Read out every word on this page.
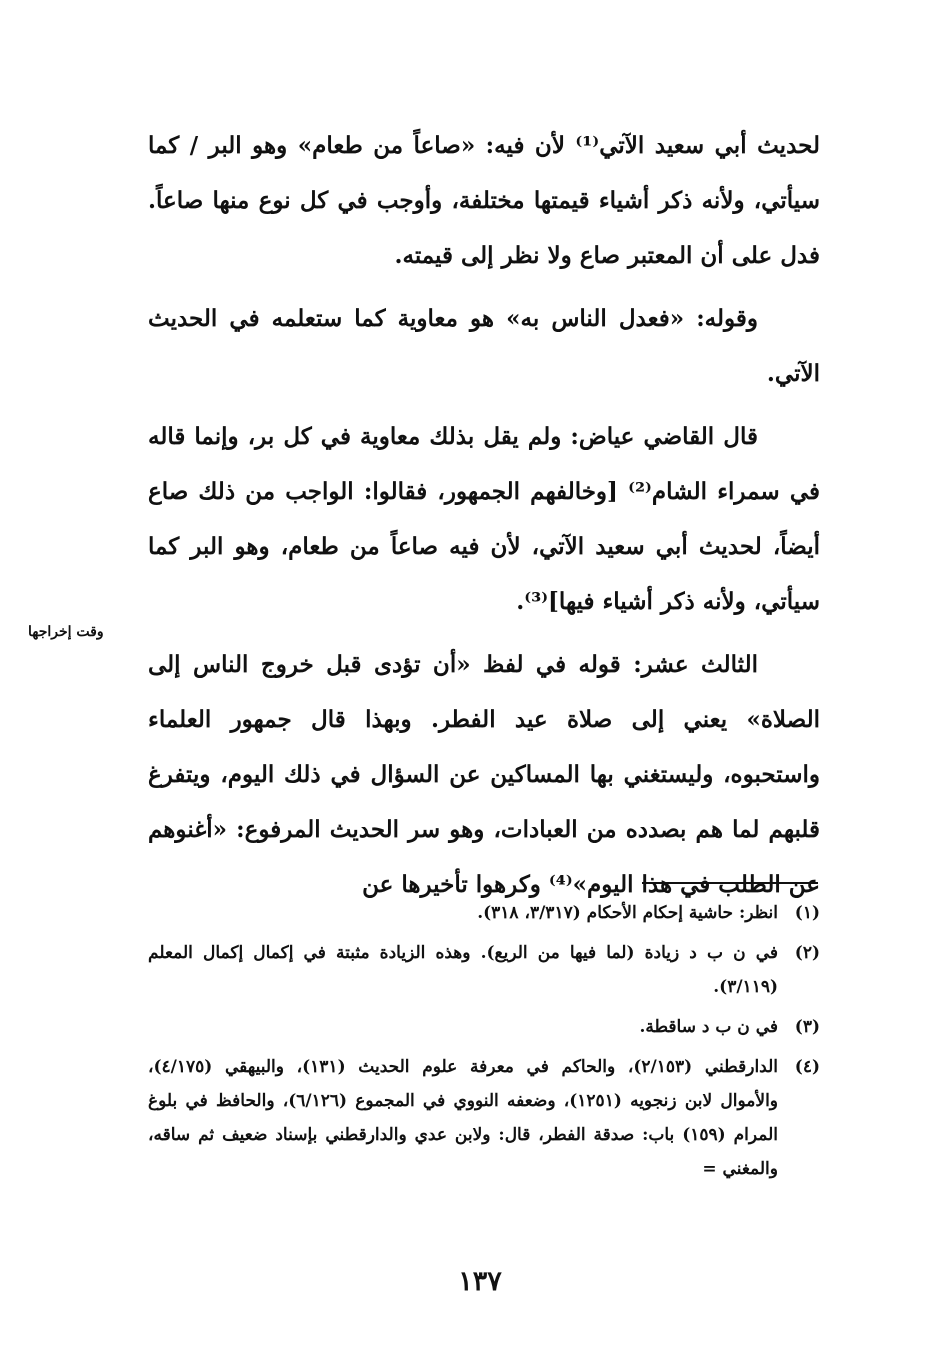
لحديث أبي سعيد الآتي⁽¹⁾ لأن فيه: «صاعاً من طعام» وهو البر / كما سيأتي، ولأنه ذكر أشياء قيمتها مختلفة، وأوجب في كل نوع منها صاعاً. فدل على أن المعتبر صاع ولا نظر إلى قيمته.

وقوله: «فعدل الناس به» هو معاوية كما ستعلمه في الحديث الآتي.

قال القاضي عياض: ولم يقل بذلك معاوية في كل بر، وإنما قاله في سمراء الشام⁽²⁾ [وخالفهم الجمهور، فقالوا: الواجب من ذلك صاع أيضاً، لحديث أبي سعيد الآتي، لأن فيه صاعاً من طعام، وهو البر كما سيأتي، ولأنه ذكر أشياء فيها]⁽³⁾.

الثالث عشر: قوله في لفظ «أن تؤدى قبل خروج الناس إلى الصلاة» يعني إلى صلاة عيد الفطر. وبهذا قال جمهور العلماء واستحبوه، وليستغني بها المساكين عن السؤال في ذلك اليوم، ويتفرغ قلبهم لما هم بصدده من العبادات، وهو سر الحديث المرفوع: «أغنوهم عن الطلب في هذا اليوم»⁽⁴⁾ وكرهوا تأخيرها عن

وقت إخراجها
(١)
انظر: حاشية إحكام الأحكام (٣/٣١٧، ٣١٨).
(٢)
في ن ب د زيادة (لما فيها من الريع). وهذه الزيادة مثبتة في إكمال إكمال المعلم (٣/١١٩).
(٣)
في ن ب د ساقطة.
(٤)
الدارقطني (٢/١٥٣)، والحاكم في معرفة علوم الحديث (١٣١)، والبيهقي (٤/١٧٥)، والأموال لابن زنجويه (١٢٥١)، وضعفه النووي في المجموع (٦/١٢٦)، والحافظ في بلوغ المرام (١٥٩) باب: صدقة الفطر، قال: ولابن عدي والدارقطني بإسناد ضعيف ثم ساقه، والمغني =
١٣٧
